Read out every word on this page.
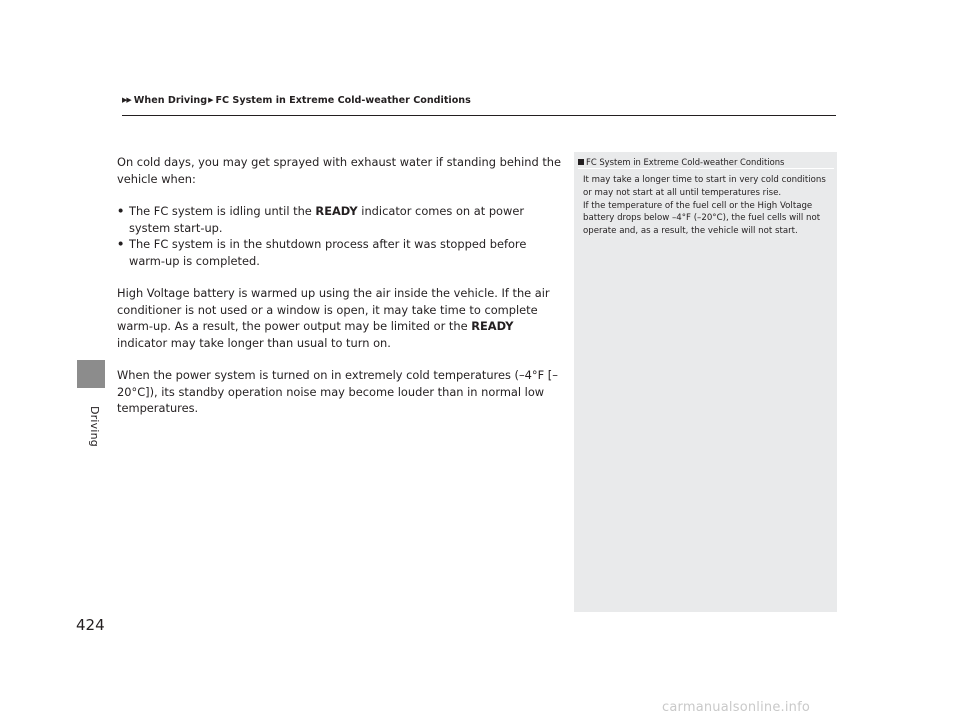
▶▶ When Driving ▶ FC System in Extreme Cold-weather Conditions
Driving
424

On cold days, you may get sprayed with exhaust water if standing behind the vehicle when:

• The FC system is idling until the READY indicator comes on at power system start-up.
• The FC system is in the shutdown process after it was stopped before warm-up is completed.

High Voltage battery is warmed up using the air inside the vehicle. If the air conditioner is not used or a window is open, it may take time to complete warm-up. As a result, the power output may be limited or the READY indicator may take longer than usual to turn on.

When the power system is turned on in extremely cold temperatures (–4°F [–20°C]), its standby operation noise may become louder than in normal low temperatures.

FC System in Extreme Cold-weather Conditions

It may take a longer time to start in very cold conditions or may not start at all until temperatures rise.

If the temperature of the fuel cell or the High Voltage battery drops below –4°F (–20°C), the fuel cells will not operate and, as a result, the vehicle will not start.

carmanualsonline.info
